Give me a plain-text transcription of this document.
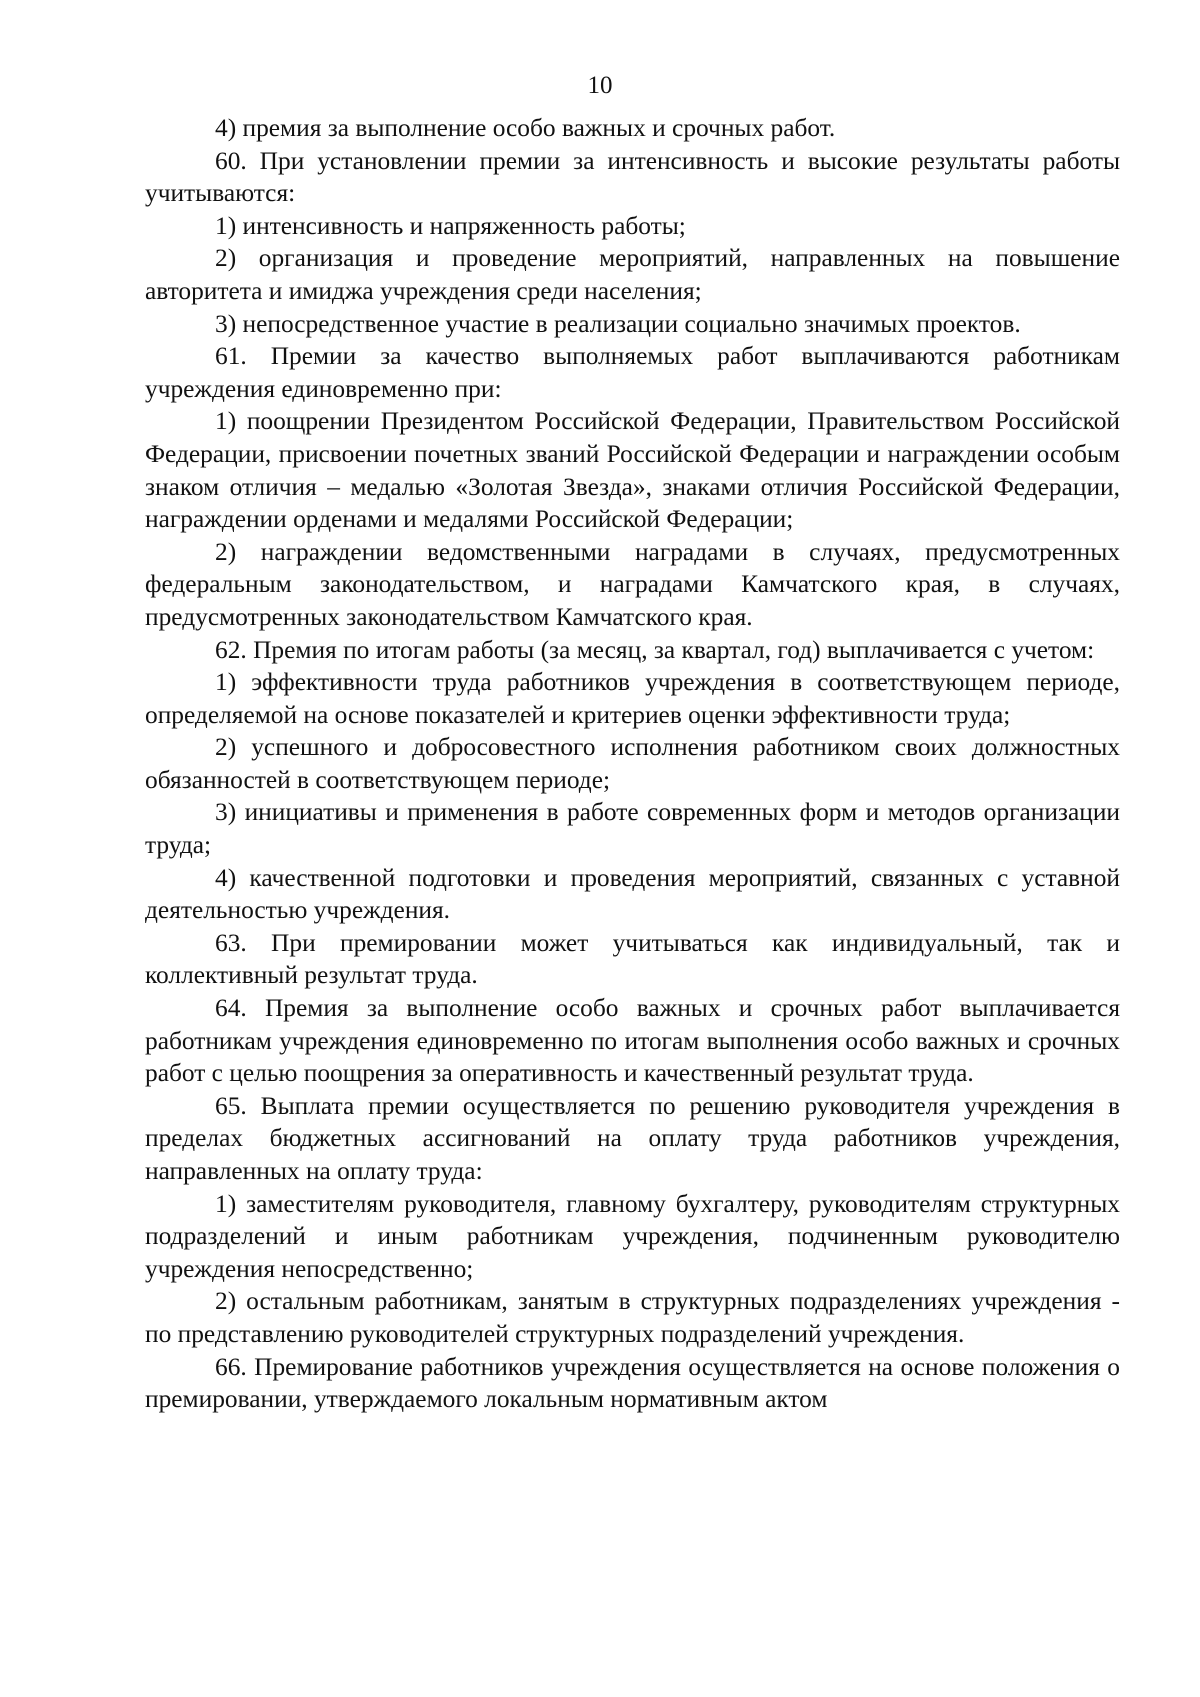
10

4) премия за выполнение особо важных и срочных работ.

60. При установлении премии за интенсивность и высокие результаты работы учитываются:

1) интенсивность и напряженность работы;

2) организация и проведение мероприятий, направленных на повышение авторитета и имиджа учреждения среди населения;

3) непосредственное участие в реализации социально значимых проектов.

61. Премии за качество выполняемых работ выплачиваются работникам учреждения единовременно при:

1) поощрении Президентом Российской Федерации, Правительством Российской Федерации, присвоении почетных званий Российской Федерации и награждении особым знаком отличия – медалью «Золотая Звезда», знаками отличия Российской Федерации, награждении орденами и медалями Российской Федерации;

2) награждении ведомственными наградами в случаях, предусмотренных федеральным законодательством, и наградами Камчатского края, в случаях, предусмотренных законодательством Камчатского края.

62. Премия по итогам работы (за месяц, за квартал, год) выплачивается с учетом:

1) эффективности труда работников учреждения в соответствующем периоде, определяемой на основе показателей и критериев оценки эффективности труда;

2) успешного и добросовестного исполнения работником своих должностных обязанностей в соответствующем периоде;

3) инициативы и применения в работе современных форм и методов организации труда;

4) качественной подготовки и проведения мероприятий, связанных с уставной деятельностью учреждения.

63. При премировании может учитываться как индивидуальный, так и коллективный результат труда.

64. Премия за выполнение особо важных и срочных работ выплачивается работникам учреждения единовременно по итогам выполнения особо важных и срочных работ с целью поощрения за оперативность и качественный результат труда.

65. Выплата премии осуществляется по решению руководителя учреждения в пределах бюджетных ассигнований на оплату труда работников учреждения, направленных на оплату труда:

1) заместителям руководителя, главному бухгалтеру, руководителям структурных подразделений и иным работникам учреждения, подчиненным руководителю учреждения непосредственно;

2) остальным работникам, занятым в структурных подразделениях учреждения - по представлению руководителей структурных подразделений учреждения.

66. Премирование работников учреждения осуществляется на основе положения о премировании, утверждаемого локальным нормативным актом
